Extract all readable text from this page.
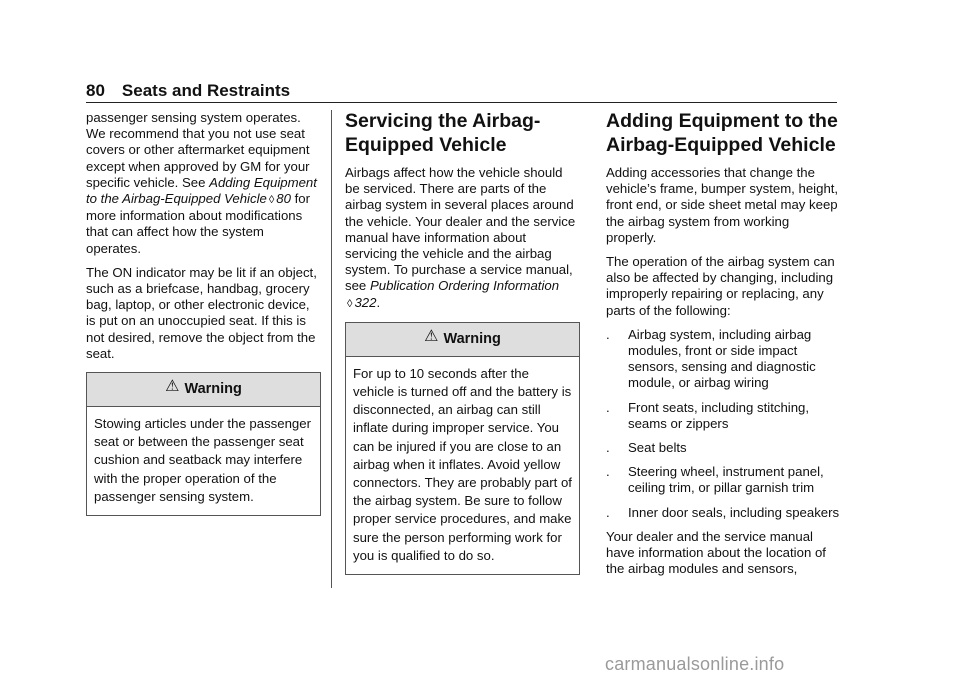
80 Seats and Restraints

passenger sensing system operates. We recommend that you not use seat covers or other aftermarket equipment except when approved by GM for your specific vehicle. See Adding Equipment to the Airbag-Equipped Vehicle ◊ 80 for more information about modifications that can affect how the system operates.

The ON indicator may be lit if an object, such as a briefcase, handbag, grocery bag, laptop, or other electronic device, is put on an unoccupied seat. If this is not desired, remove the object from the seat.

⚠ Warning
Stowing articles under the passenger seat or between the passenger seat cushion and seatback may interfere with the proper operation of the passenger sensing system.
Servicing the Airbag-Equipped Vehicle

Airbags affect how the vehicle should be serviced. There are parts of the airbag system in several places around the vehicle. Your dealer and the service manual have information about servicing the vehicle and the airbag system. To purchase a service manual, see Publication Ordering Information
◊ 322.

⚠ Warning
For up to 10 seconds after the vehicle is turned off and the battery is disconnected, an airbag can still inflate during improper service. You can be injured if you are close to an airbag when it inflates. Avoid yellow connectors. They are probably part of the airbag system. Be sure to follow proper service procedures, and make sure the person performing work for you is qualified to do so.
Adding Equipment to the Airbag-Equipped Vehicle

Adding accessories that change the vehicle’s frame, bumper system, height, front end, or side sheet metal may keep the airbag system from working properly.

The operation of the airbag system can also be affected by changing, including improperly repairing or replacing, any parts of the following:

. Airbag system, including airbag modules, front or side impact sensors, sensing and diagnostic module, or airbag wiring
. Front seats, including stitching, seams or zippers
. Seat belts
. Steering wheel, instrument panel, ceiling trim, or pillar garnish trim
. Inner door seals, including speakers

Your dealer and the service manual have information about the location of the airbag modules and sensors,

carmanualsonline.info
